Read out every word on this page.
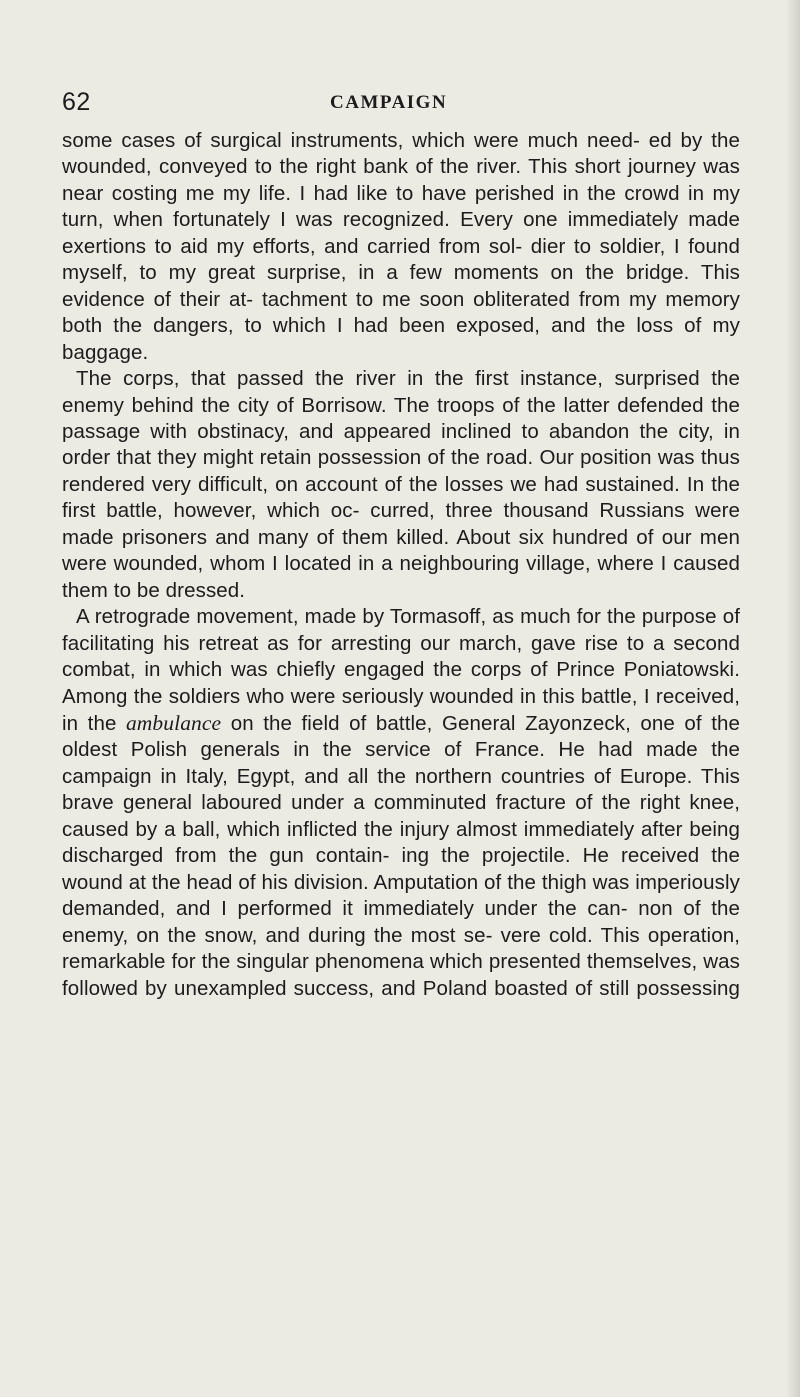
62	CAMPAIGN

some cases of surgical instruments, which were much need- ed by the wounded, conveyed to the right bank of the river. This short journey was near costing me my life. I had like to have perished in the crowd in my turn, when fortunately I was recognized. Every one immediately made exertions to aid my efforts, and carried from sol- dier to soldier, I found myself, to my great surprise, in a few moments on the bridge. This evidence of their at- tachment to me soon obliterated from my memory both the dangers, to which I had been exposed, and the loss of my baggage.

The corps, that passed the river in the first instance, surprised the enemy behind the city of Borrisow. The troops of the latter defended the passage with obstinacy, and appeared inclined to abandon the city, in order that they might retain possession of the road. Our position was thus rendered very difficult, on account of the losses we had sustained. In the first battle, however, which oc- curred, three thousand Russians were made prisoners and many of them killed. About six hundred of our men were wounded, whom I located in a neighbouring village, where I caused them to be dressed.

A retrograde movement, made by Tormasoff, as much for the purpose of facilitating his retreat as for arresting our march, gave rise to a second combat, in which was chiefly engaged the corps of Prince Poniatowski. Among the soldiers who were seriously wounded in this battle, I received, in the ambulance on the field of battle, General Zayonzeck, one of the oldest Polish generals in the service of France. He had made the campaign in Italy, Egypt, and all the northern countries of Europe. This brave general laboured under a comminuted fracture of the right knee, caused by a ball, which inflicted the injury almost immediately after being discharged from the gun contain- ing the projectile. He received the wound at the head of his division. Amputation of the thigh was imperiously demanded, and I performed it immediately under the can- non of the enemy, on the snow, and during the most se- vere cold. This operation, remarkable for the singular phenomena which presented themselves, was followed by unexampled success, and Poland boasted of still possessing
